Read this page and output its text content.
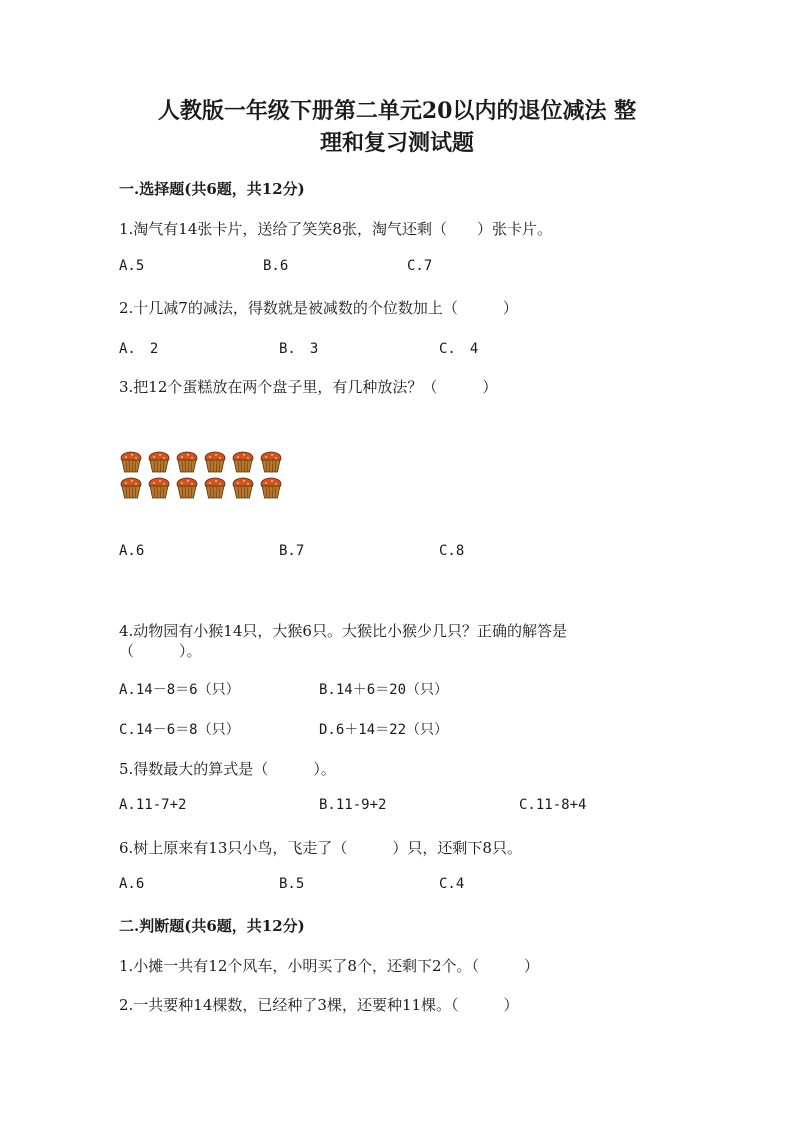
人教版一年级下册第二单元20以内的退位减法 整
理和复习测试题
一.选择题(共6题，共12分)
1.淘气有14张卡片，送给了笑笑8张，淘气还剩（　　）张卡片。
A.5	B.6	C.7
2.十几减7的减法，得数就是被减数的个位数加上（　　　）
A.　2	B.　3	C.　4
3.把12个蛋糕放在两个盘子里，有几种放法？（　　　）
A.6	B.7	C.8
4.动物园有小猴14只，大猴6只。大猴比小猴少几只？正确的解答是
（　　　）。
A.14－8＝6（只）	B.14＋6＝20（只）
C.14－6＝8（只）	D.6＋14＝22（只）
5.得数最大的算式是（　　　）。
A.11-7+2	B.11-9+2	C.11-8+4
6.树上原来有13只小鸟，飞走了（　　　）只，还剩下8只。
A.6	B.5	C.4
二.判断题(共6题，共12分)
1.小摊一共有12个风车，小明买了8个，还剩下2个。（　　　）
2.一共要种14棵数，已经种了3棵，还要种11棵。（　　　）
